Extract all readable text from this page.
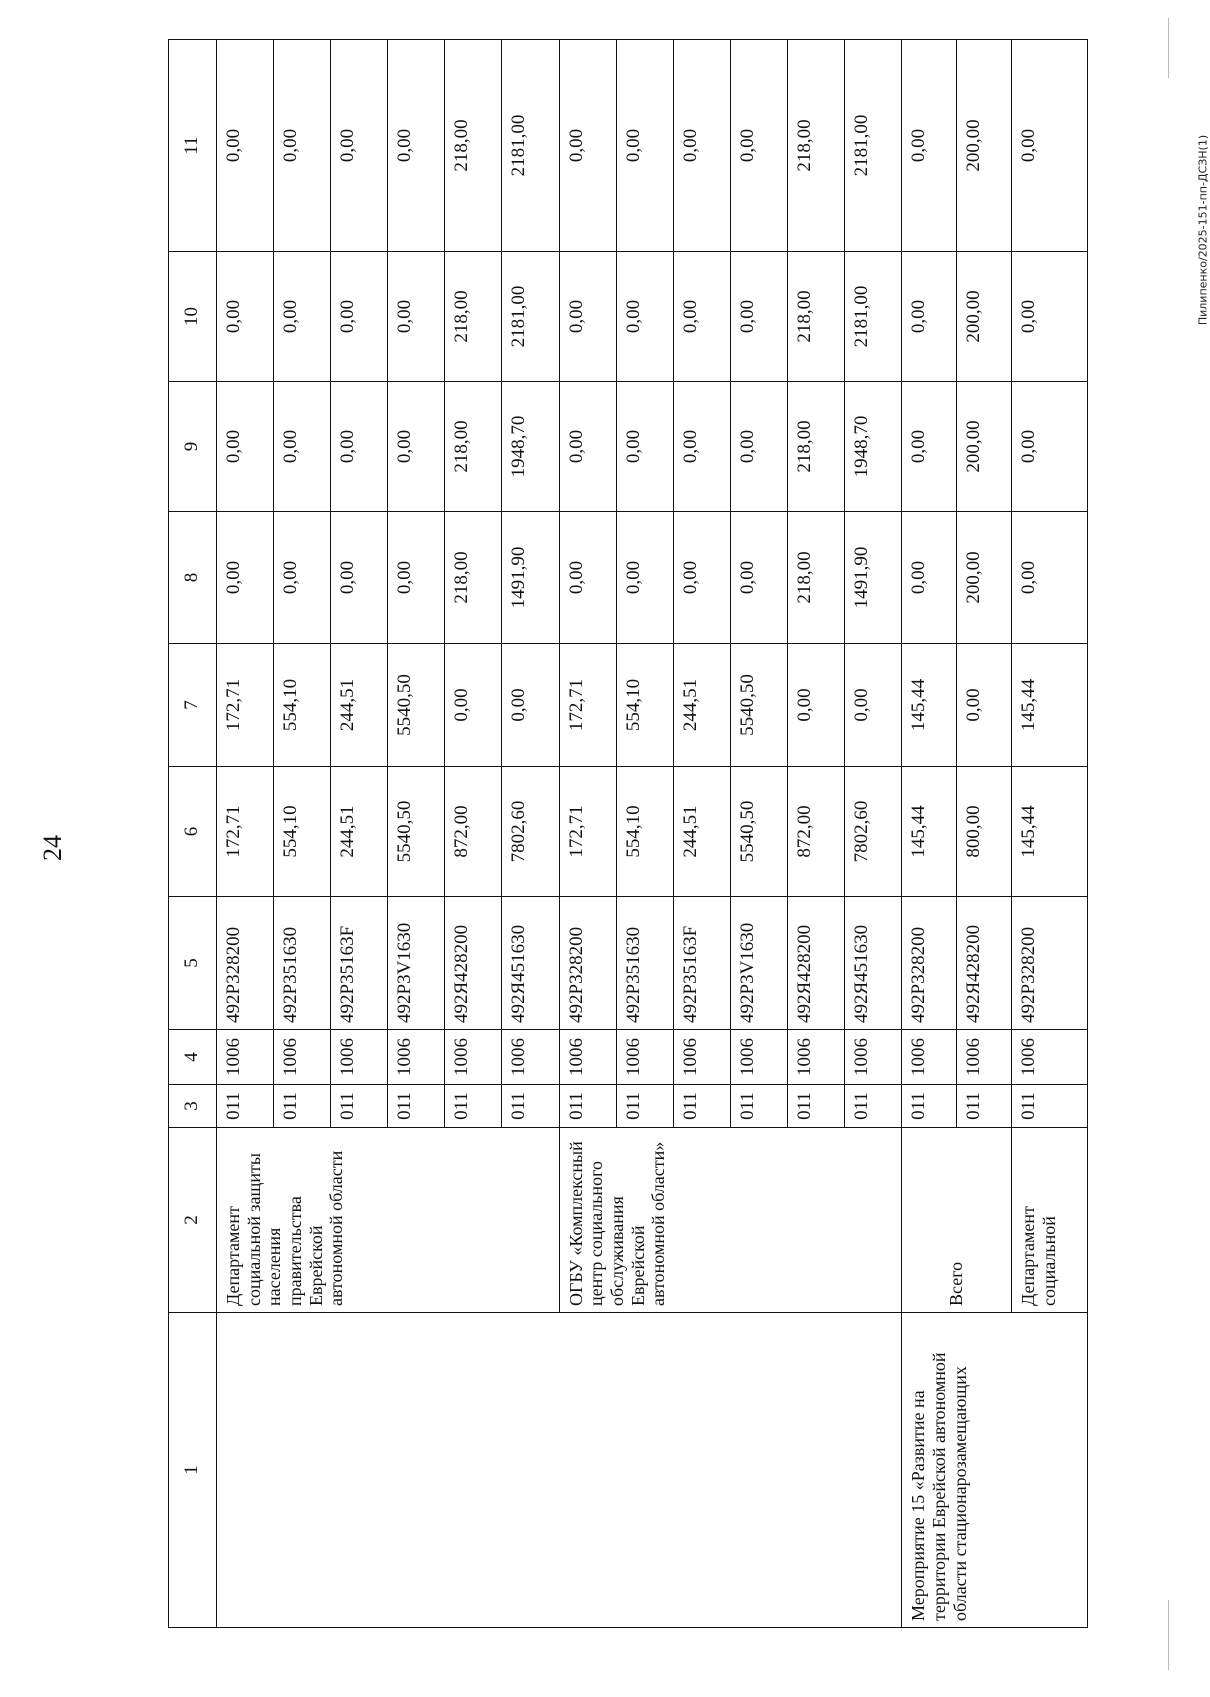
24
Пилипенко/2025-151-пп-ДСЗН(1)
1	2	3	4	5	6	7	8	9	10	11
	Департамент социальной защиты населения правительства Еврейской автономной области	011	1006	492Р328200	172,71	172,71	0,00	0,00	0,00	0,00
		011	1006	492Р351630	554,10	554,10	0,00	0,00	0,00	0,00
		011	1006	492Р35163F	244,51	244,51	0,00	0,00	0,00	0,00
		011	1006	492Р3V1630	5540,50	5540,50	0,00	0,00	0,00	0,00
		011	1006	492Я428200	872,00	0,00	218,00	218,00	218,00	218,00
		011	1006	492Я451630	7802,60	0,00	1491,90	1948,70	2181,00	2181,00
	ОГБУ «Комплексный центр социального обслуживания Еврейской автономной области»	011	1006	492Р328200	172,71	172,71	0,00	0,00	0,00	0,00
		011	1006	492Р351630	554,10	554,10	0,00	0,00	0,00	0,00
		011	1006	492Р35163F	244,51	244,51	0,00	0,00	0,00	0,00
		011	1006	492Р3V1630	5540,50	5540,50	0,00	0,00	0,00	0,00
		011	1006	492Я428200	872,00	0,00	218,00	218,00	218,00	218,00
		011	1006	492Я451630	7802,60	0,00	1491,90	1948,70	2181,00	2181,00
Мероприятие 15 «Развитие на территории Еврейской автономной области стационарозамещающих	Всего	011	1006	492Р328200	145,44	145,44	0,00	0,00	0,00	0,00
		011	1006	492Я428200	800,00	0,00	200,00	200,00	200,00	200,00
	Департамент социальной	011	1006	492Р328200	145,44	145,44	0,00	0,00	0,00	0,00
